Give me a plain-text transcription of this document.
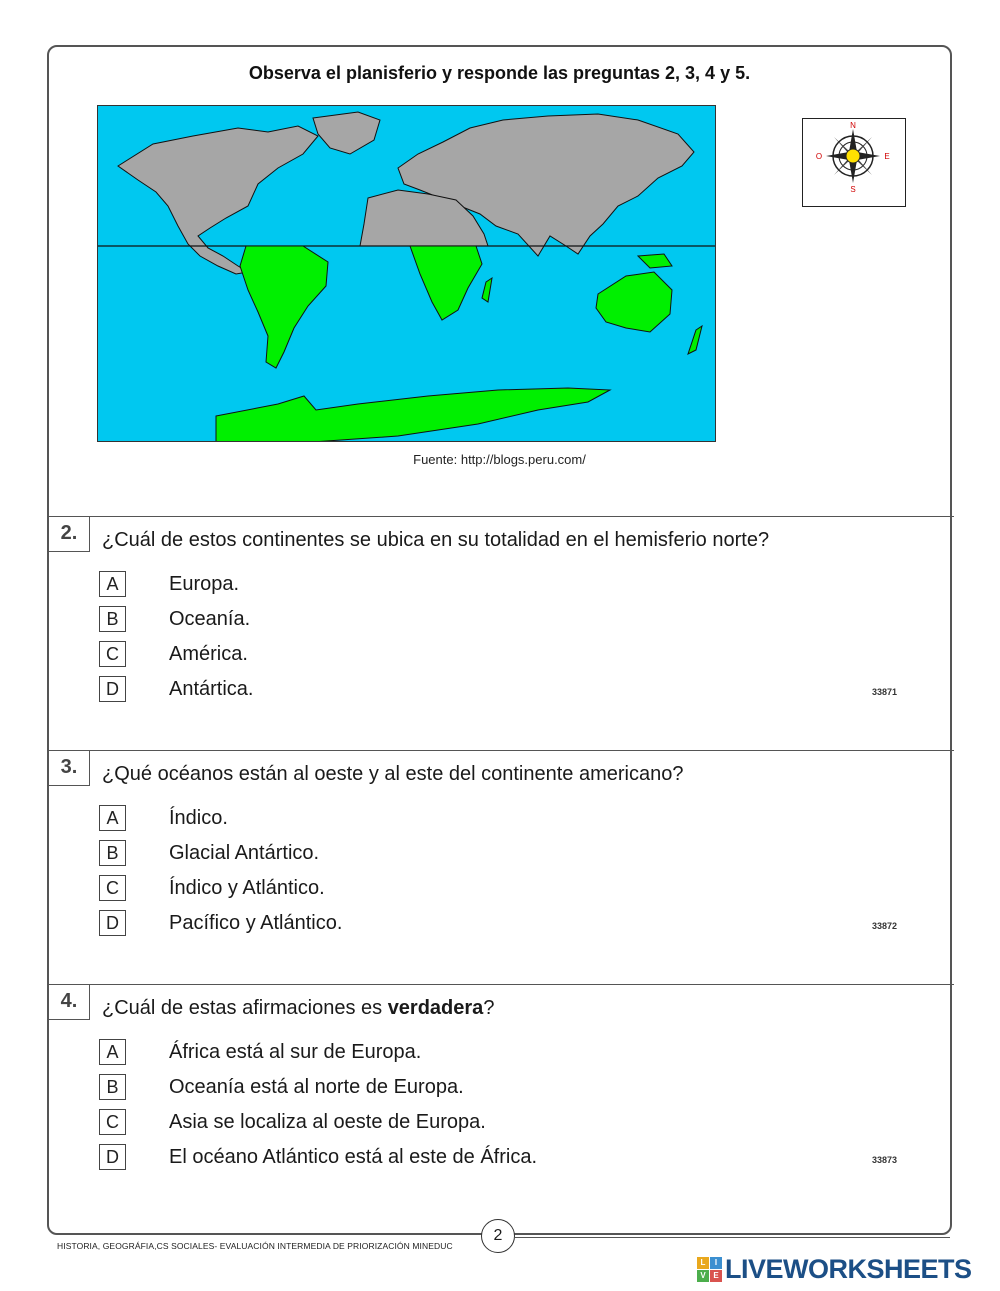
Observa el planisferio y responde las preguntas 2, 3, 4 y 5.
N
S
E
O
Fuente: http://blogs.peru.com/
2.	¿Cuál de estos continentes se ubica en su totalidad en el hemisferio norte?
A	Europa.
B	Oceanía.
C	América.
D	Antártica.	33871
3.	¿Qué océanos están al oeste y al este del continente americano?
A	Índico.
B	Glacial Antártico.
C	Índico y Atlántico.
D	Pacífico y Atlántico.	33872
4.	¿Cuál de estas afirmaciones es verdadera?
A	África está al sur de Europa.
B	Oceanía está al norte de Europa.
C	Asia se localiza al oeste de Europa.
D	El océano Atlántico está al este de África.	33873
HISTORIA, GEOGRÁFIA,CS SOCIALES- EVALUACIÓN INTERMEDIA DE PRIORIZACIÓN MINEDUC
2
L	I
V E LIVEWORKSHEETS
